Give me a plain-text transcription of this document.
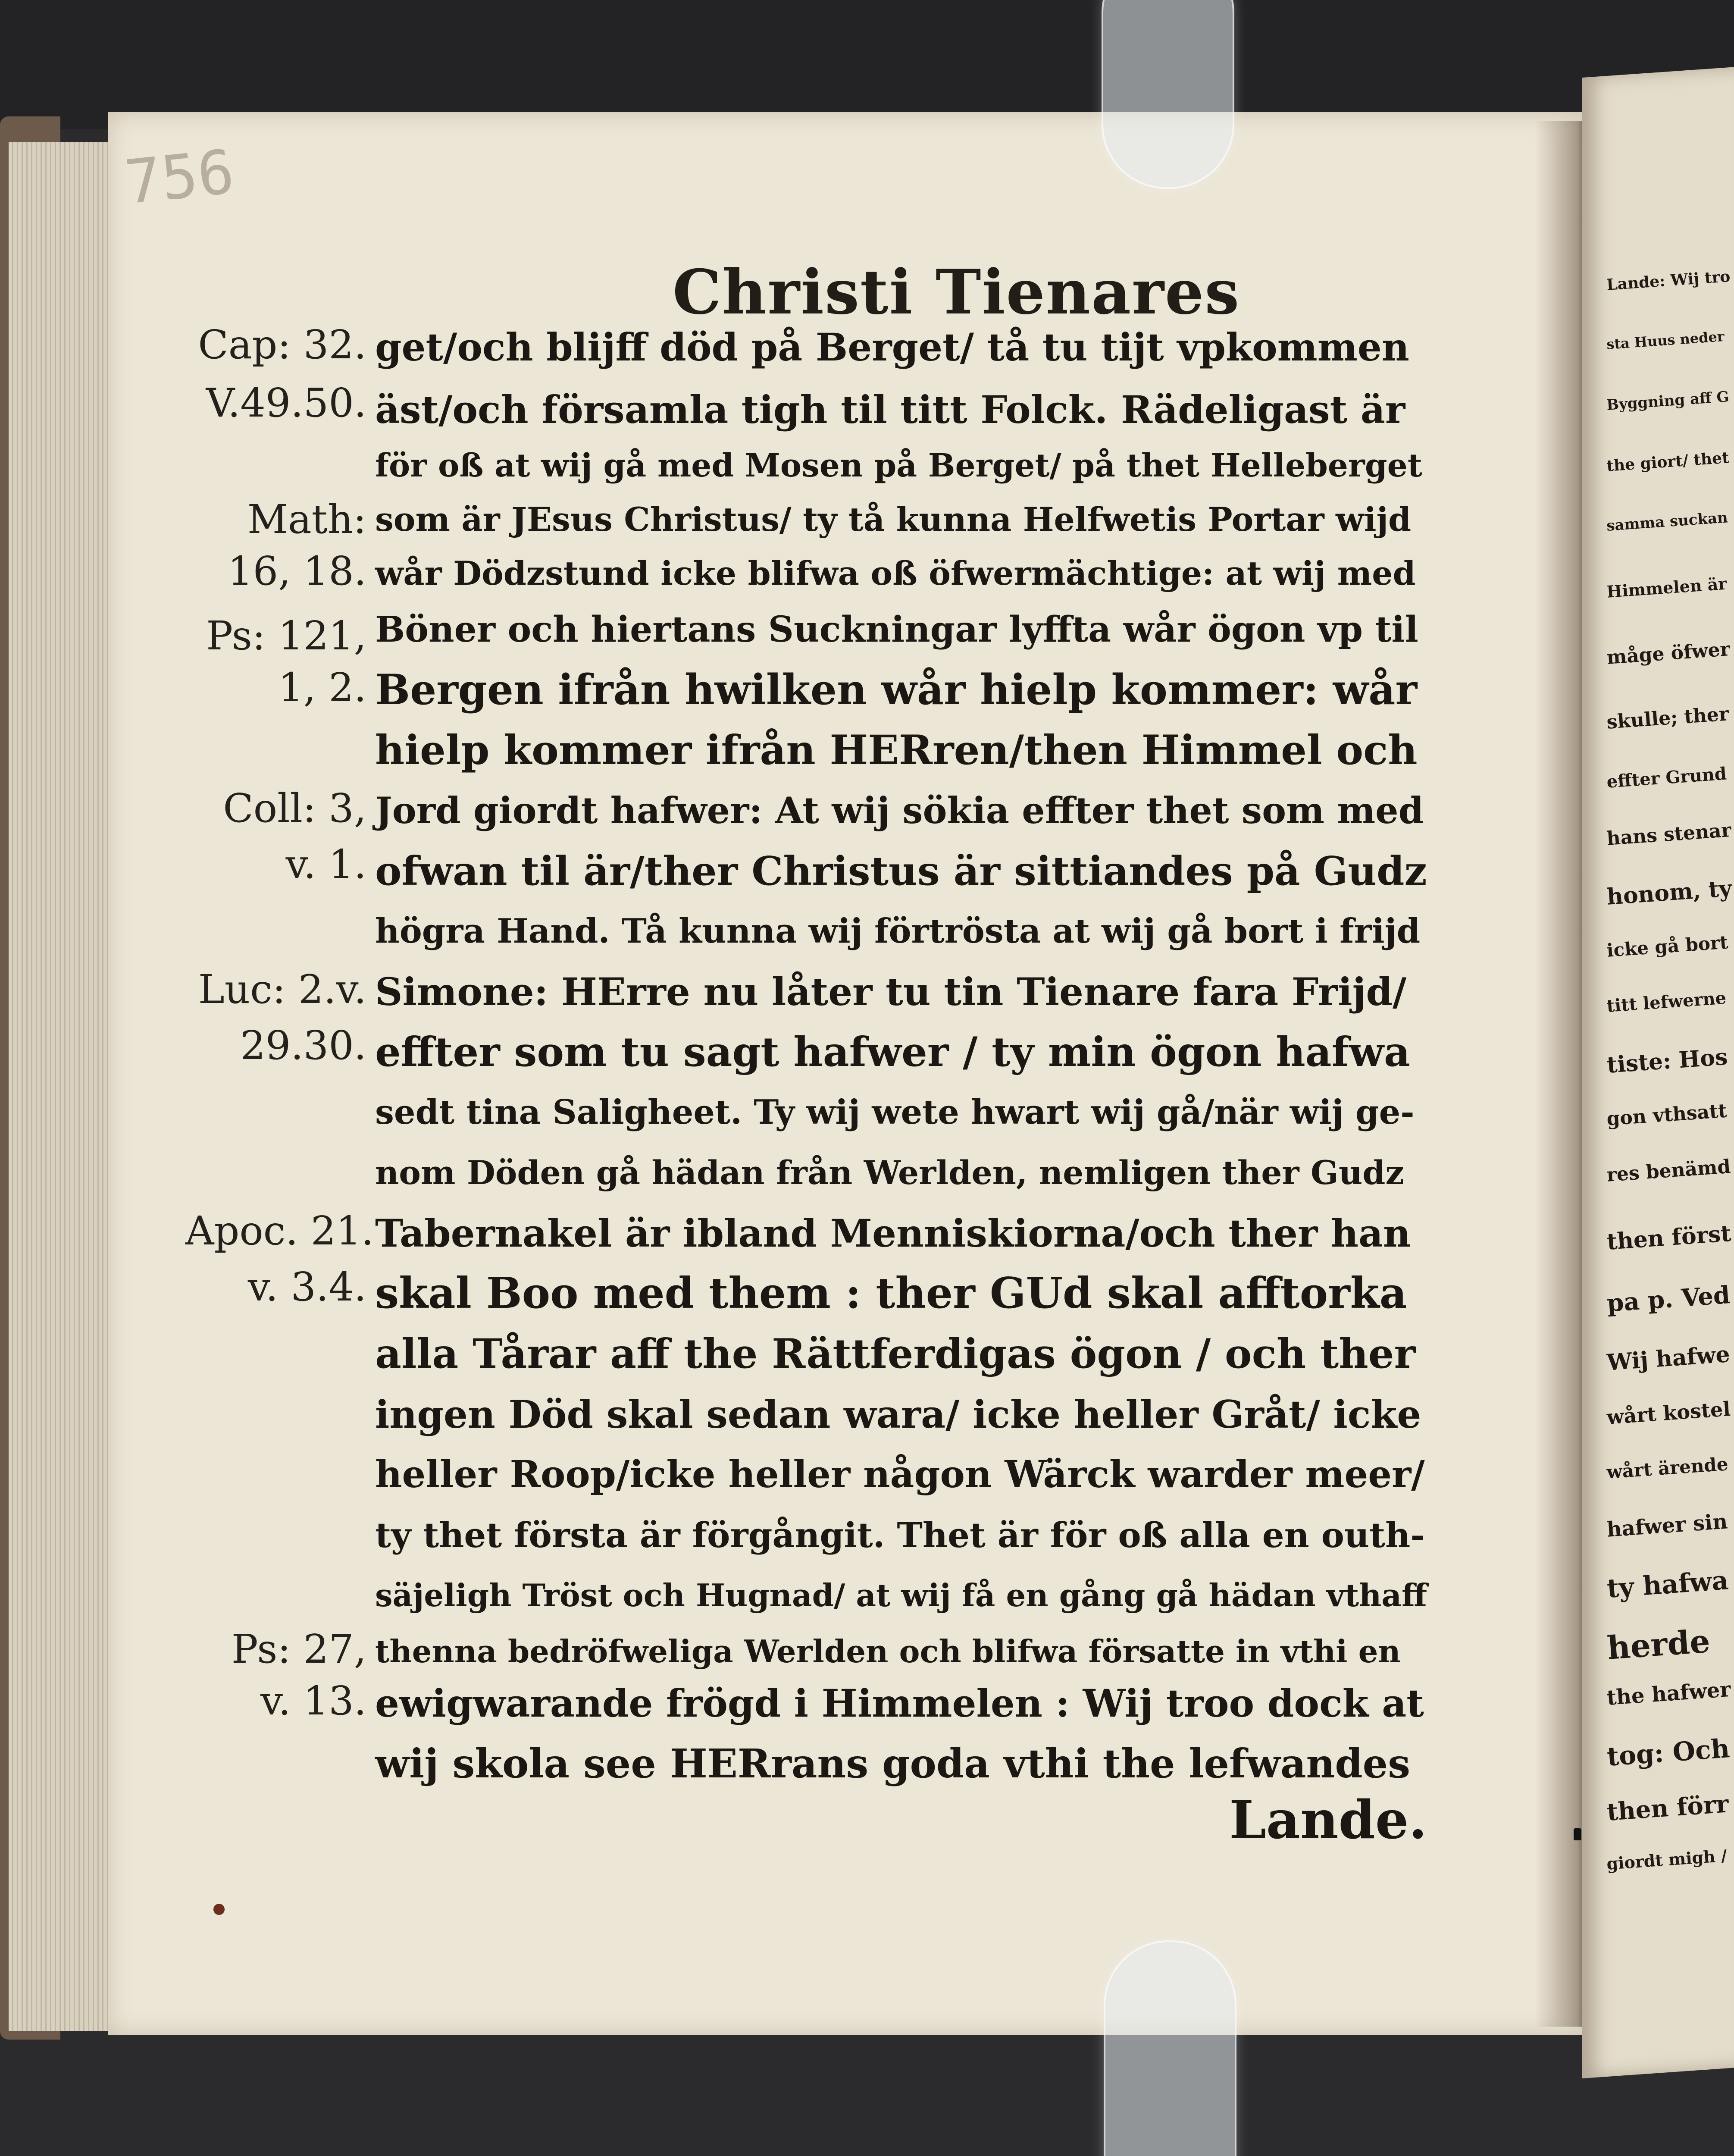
756
Christi Tienares
get/och blijff död på Berget/ tå tu tijt vpkommen
äst/och församla tigh til titt Folck. Rädeligast är
för oß at wij gå med Mosen på Berget/ på thet Helleberget
som är JEsus Christus/ ty tå kunna Helfwetis Portar wijd
wår Dödzstund icke blifwa oß öfwermächtige: at wij med
Böner och hiertans Suckningar lyffta wår ögon vp til
Bergen ifrån hwilken wår hielp kommer: wår
hielp kommer ifrån HERren/then Himmel och
Jord giordt hafwer: At wij sökia effter thet som med
ofwan til är/ther Christus är sittiandes på Gudz
högra Hand. Tå kunna wij förtrösta at wij gå bort i frijd
Simone: HErre nu låter tu tin Tienare fara Frijd/
effter som tu sagt hafwer / ty min ögon hafwa
sedt tina Saligheet. Ty wij wete hwart wij gå/när wij ge-
nom Döden gå hädan från Werlden, nemligen ther Gudz
Tabernakel är ibland Menniskiorna/och ther han
skal Boo med them : ther GUd skal afftorka
alla Tårar aff the Rättferdigas ögon / och ther
ingen Död skal sedan wara/ icke heller Gråt/ icke
heller Roop/icke heller någon Wärck warder meer/
ty thet första är förgångit. Thet är för oß alla en outh-
säjeligh Tröst och Hugnad/ at wij få en gång gå hädan vthaff
thenna bedröfweliga Werlden och blifwa försatte in vthi en
ewigwarande frögd i Himmelen : Wij troo dock at
wij skola see HERrans goda vthi the lefwandes
Lande.
Cap: 32.
V.49.50.
Math:
16, 18.
Ps: 121,
1, 2.
Coll: 3,
v. 1.
Luc: 2.v.
29.30.
Apoc. 21.
v. 3.4.
Ps: 27,
v. 13.
Lande: Wij tro
sta Huus neder
Byggning aff G
the giort/ thet
samma suckan
Himmelen är
måge öfwer
skulle; ther
effter Grund
hans stenar
honom, ty
icke gå bort
titt lefwerne
tiste: Hos
gon vthsatt
res benämd
then först
pa p. Ved
Wij hafwe
wårt kostel
wårt ärende
hafwer sin
ty hafwa
herde
the hafwer
tog: Och
then förr
giordt migh /
